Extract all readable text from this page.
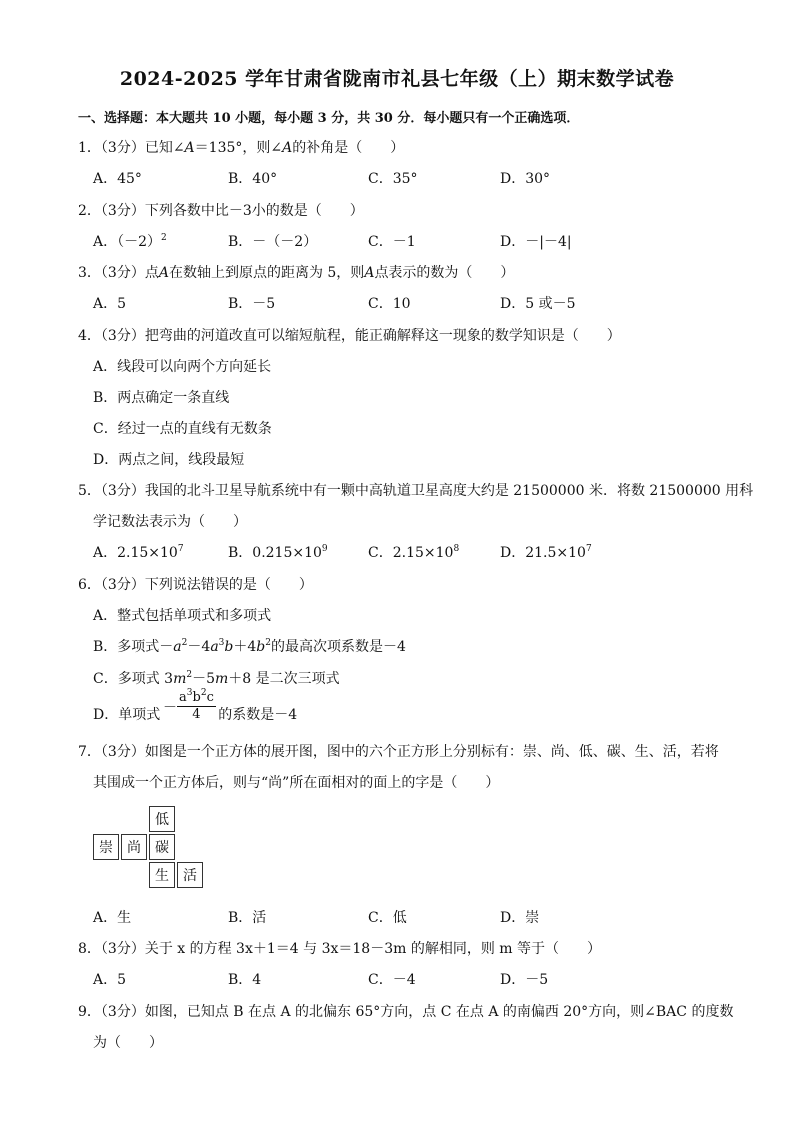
2024-2025 学年甘肃省陇南市礼县七年级（上）期末数学试卷
一、选择题：本大题共 10 小题，每小题 3 分，共 30 分．每小题只有一个正确选项．
1．（3分）已知∠A＝135°，则∠A的补角是（　　）
A．45°	B．40°	C．35°	D．30°
2．（3分）下列各数中比－3小的数是（　　）
A．$(-2)^2$	B．－（－2）	C．－1	D．－|－4|
3．（3分）点A在数轴上到原点的距离为 5，则A点表示的数为（　　）
A．5	B．－5	C．10	D．5 或－5
4．（3分）把弯曲的河道改直可以缩短航程，能正确解释这一现象的数学知识是（　　）
A．线段可以向两个方向延长
B．两点确定一条直线
C．经过一点的直线有无数条
D．两点之间，线段最短
5．（3分）我国的北斗卫星导航系统中有一颗中高轨道卫星高度大约是 21500000 米．将数 21500000 用科
学记数法表示为（　　）
A．$2.15\times 10^7$	B．$0.215\times 10^9$	C．$2.15\times 10^8$	D．$21.5\times 10^7$
6．（3分）下列说法错误的是（　　）
A．整式包括单项式和多项式
B．多项式$-a^2-4a^3b+4b^2$的最高次项系数是－4
C．多项式 $3m^2-5m+8$ 是二次三项式
D．单项式	的系数是－4
－ $\frac{a^3b^2c}{4}$
7．（3分）如图是一个正方体的展开图，图中的六个正方形上分别标有：崇、尚、低、碳、生、活，若将
其围成一个正方体后，则与“尚”所在面相对的面上的字是（　　）
低
崇	尚	碳
生	活
A．生	B．活	C．低	D．崇
8．（3分）关于 x 的方程 3x＋1＝4 与 3x＝18－3m 的解相同，则 m 等于（　　）
A．5	B．4	C．－4	D．－5
9．（3分）如图，已知点 B 在点 A 的北偏东 65°方向，点 C 在点 A 的南偏西 20°方向，则∠BAC 的度数
为（　　）
